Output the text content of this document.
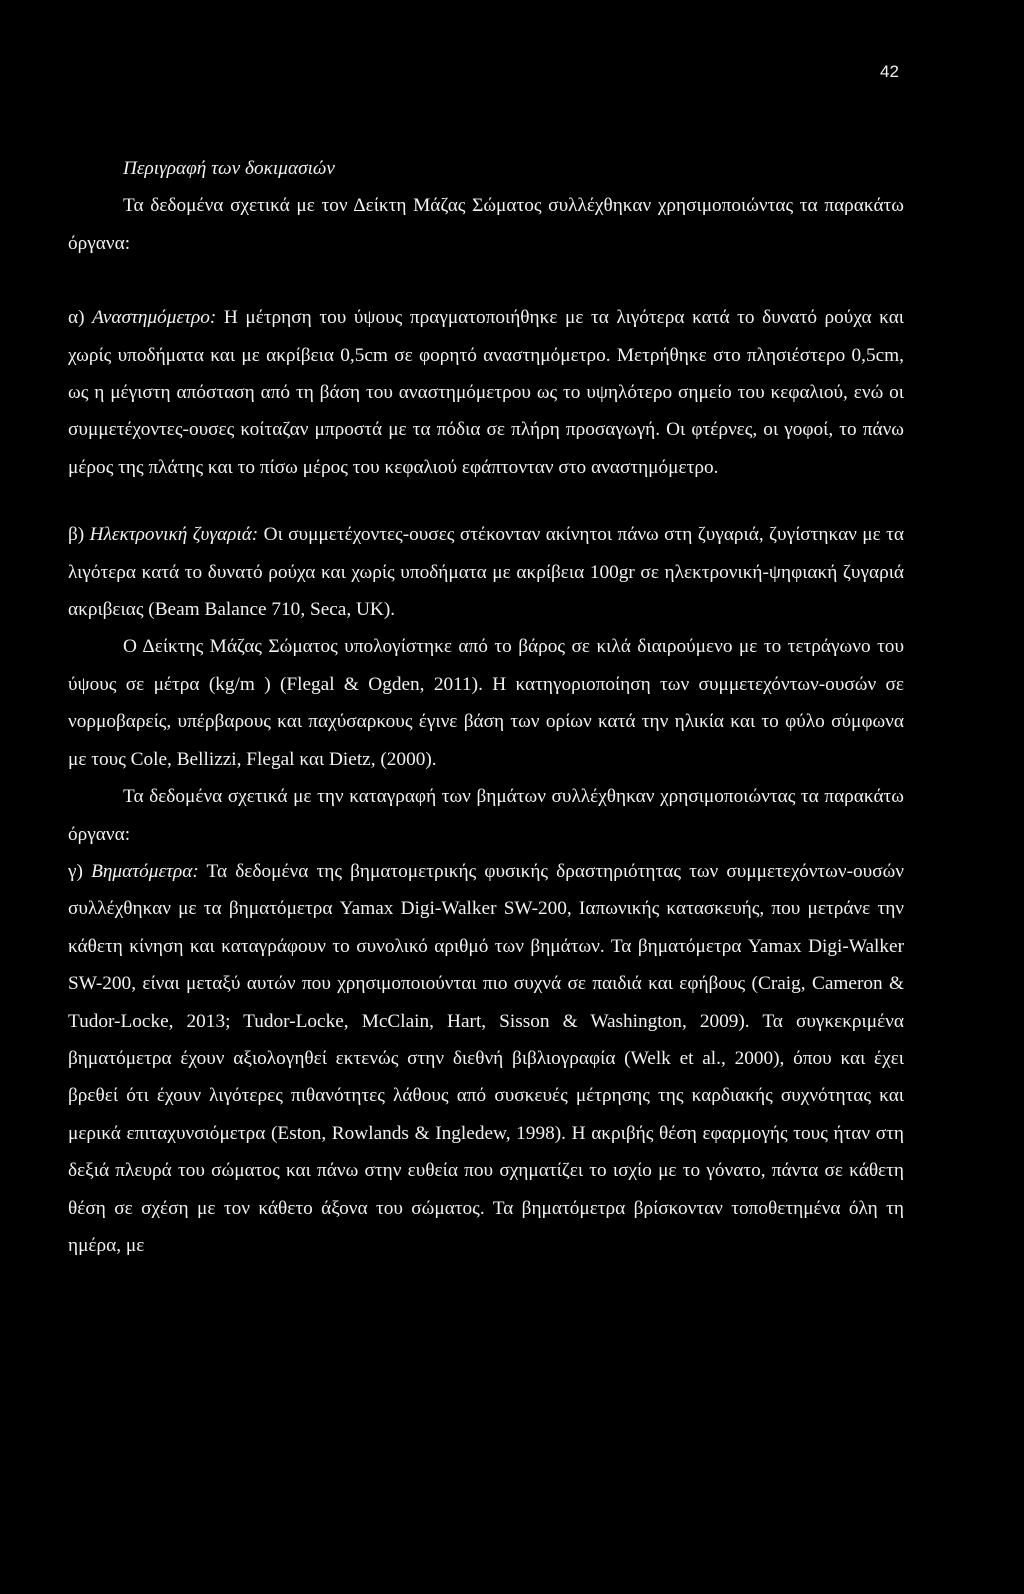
42

Περιγραφή των δοκιμασιών

Τα δεδομένα σχετικά με τον Δείκτη Μάζας Σώματος συλλέχθηκαν χρησιμοποιώντας τα παρακάτω όργανα:

α) Αναστημόμετρο: Η μέτρηση του ύψους πραγματοποιήθηκε με τα λιγότερα κατά το δυνατό ρούχα και χωρίς υποδήματα και με ακρίβεια 0,5cm σε φορητό αναστημόμετρο. Μετρήθηκε στο πλησιέστερο 0,5cm, ως η μέγιστη απόσταση από τη βάση του αναστημόμετρου ως το υψηλότερο σημείο του κεφαλιού, ενώ οι συμμετέχοντες-ουσες κοίταζαν μπροστά με τα πόδια σε πλήρη προσαγωγή. Οι φτέρνες, οι γοφοί, το πάνω μέρος της πλάτης και το πίσω μέρος του κεφαλιού εφάπτονταν στο αναστημόμετρο.

β) Ηλεκτρονική ζυγαριά: Οι συμμετέχοντες-ουσες στέκονταν ακίνητοι πάνω στη ζυγαριά, ζυγίστηκαν με τα λιγότερα κατά το δυνατό ρούχα και χωρίς υποδήματα με ακρίβεια 100gr σε ηλεκτρονική-ψηφιακή ζυγαριά ακριβειας (Beam Balance 710, Seca, UK).

Ο Δείκτης Μάζας Σώματος υπολογίστηκε από το βάρος σε κιλά διαιρούμενο με το τετράγωνο του ύψους σε μέτρα (kg/m ) (Flegal & Ogden, 2011). Η κατηγοριοποίηση των συμμετεχόντων-ουσών σε νορμοβαρείς, υπέρβαρους και παχύσαρκους έγινε βάση των ορίων κατά την ηλικία και το φύλο σύμφωνα με τους Cole, Bellizzi, Flegal και Dietz, (2000).

Τα δεδομένα σχετικά με την καταγραφή των βημάτων συλλέχθηκαν χρησιμοποιώντας τα παρακάτω όργανα:

γ) Βηματόμετρα: Τα δεδομένα της βηματομετρικής φυσικής δραστηριότητας των συμμετεχόντων-ουσών συλλέχθηκαν με τα βηματόμετρα Yamax Digi-Walker SW-200, Ιαπωνικής κατασκευής, που μετράνε την κάθετη κίνηση και καταγράφουν το συνολικό αριθμό των βημάτων. Τα βηματόμετρα Yamax Digi-Walker SW-200, είναι μεταξύ αυτών που χρησιμοποιούνται πιο συχνά σε παιδιά και εφήβους (Craig, Cameron & Tudor-Locke, 2013; Tudor-Locke, McClain, Hart, Sisson & Washington, 2009). Τα συγκεκριμένα βηματόμετρα έχουν αξιολογηθεί εκτενώς στην διεθνή βιβλιογραφία (Welk et al., 2000), όπου και έχει βρεθεί ότι έχουν λιγότερες πιθανότητες λάθους από συσκευές μέτρησης της καρδιακής συχνότητας και μερικά επιταχυνσιόμετρα (Eston, Rowlands & Ingledew, 1998). Η ακριβής θέση εφαρμογής τους ήταν στη δεξιά πλευρά του σώματος και πάνω στην ευθεία που σχηματίζει το ισχίο με το γόνατο, πάντα σε κάθετη θέση σε σχέση με τον κάθετο άξονα του σώματος. Τα βηματόμετρα βρίσκονταν τοποθετημένα όλη τη ημέρα, με
